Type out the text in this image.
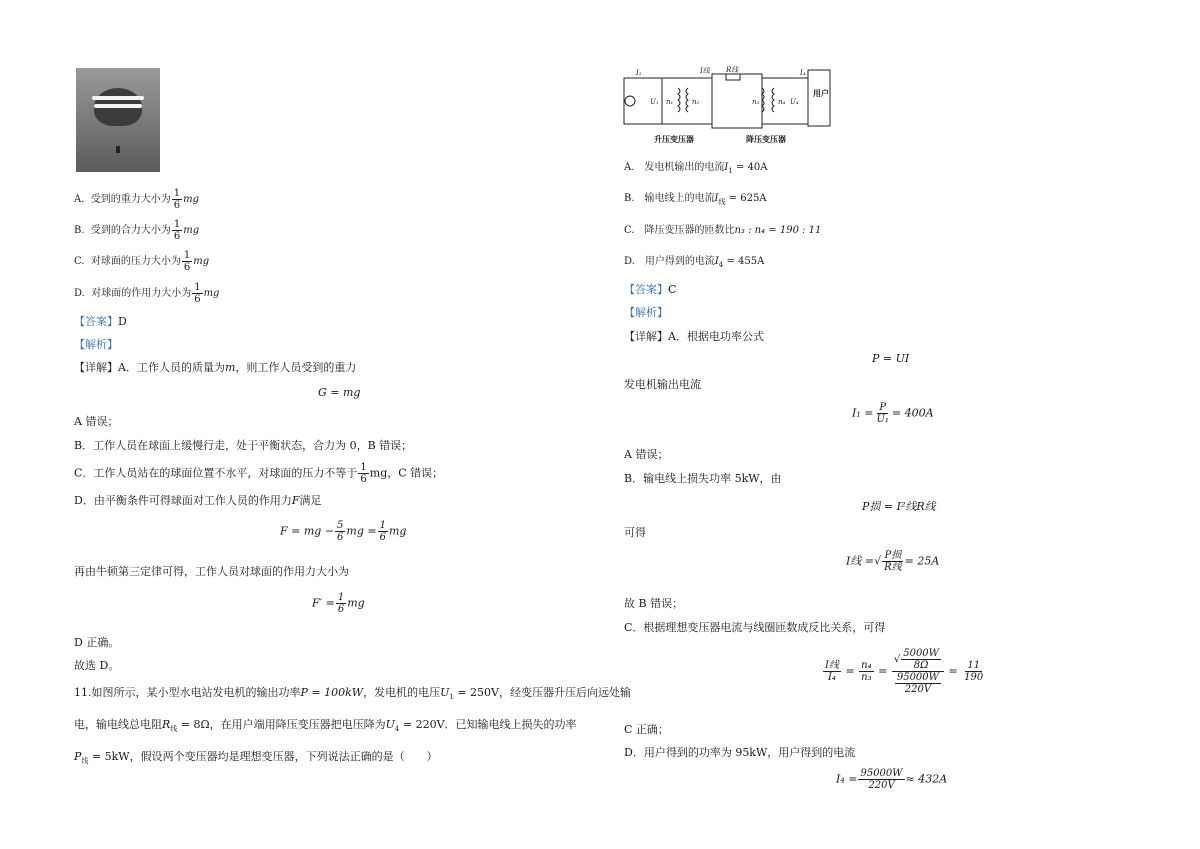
A. 受到的重力大小为 $\frac{1}{6}$ mg
B. 受到的合力大小为 $\frac{1}{6}$ mg
C. 对球面的压力大小为 $\frac{1}{6}$ mg
D. 对球面的作用力大小为 $\frac{1}{6}$ mg
【答案】D
【解析】
【详解】A．工作人员的质量为m，则工作人员受到的重力
G = mg
A 错误；
B．工作人员在球面上缓慢行走，处于平衡状态，合力为 0，B 错误；
C．工作人员站在的球面位置不水平，对球面的压力不等于 $\frac{1}{6}$ mg，C 错误；
D．由平衡条件可得球面对工作人员的作用力F满足
F = mg − $\frac{5}{6}$ mg = $\frac{1}{6}$ mg
再由牛顿第三定律可得，工作人员对球面的作用力大小为
$F' = \frac{1}{6}$ mg
D 正确。
故选 D。
11.如图所示，某小型水电站发电机的输出功率P = 100kW，发电机的电压$U_1 = 250V$，经变压器升压后向远处输
电，输电线总电阻$R_线 = 8\Omega$，在用户端用降压变压器把电压降为$U_4 = 220V$．已知输电线上损失的功率
$P_线 = 5kW$，假设两个变压器均是理想变压器，下列说法正确的是（　　）
I₁	I线 R线	I₄
U₁ n₁	n₂	n₃	n₄ U₄
用户
升压变压器	降压变压器
A.　发电机输出的电流$I_1 = 40A$
B.　输电线上的电流$I_线 = 625A$
C.　降压变压器的匝数比n₃ : n₄ = 190 : 11
D.　用户得到的电流$I_4 = 455A$
【答案】C
【解析】
【详解】A．根据电功率公式
P = UI
发电机输出电流
$I_1 = \frac{P}{\text{U₁}} = 400A$
A 错误；
B．输电线上损失功率 5kW，由
P损 = I²线R线
可得
I线 =√ $\frac{\text{P损}}{\text{R线}} = 25A$
故 B 错误；
C．根据理想变压器电流与线圈匝数成反比关系，可得
$\frac{\text{I线}}{\text{I₄}} = \frac{\text{n₄}}{\text{n₃}} = \frac{√ \frac{5000W}{8\Omega}}{\frac{95000W}{220V}} = \frac{11}{190}$
C 正确；
D．用户得到的功率为 95kW，用户得到的电流
$I_4 = \frac{95000W}{220V} \approx 432A$
